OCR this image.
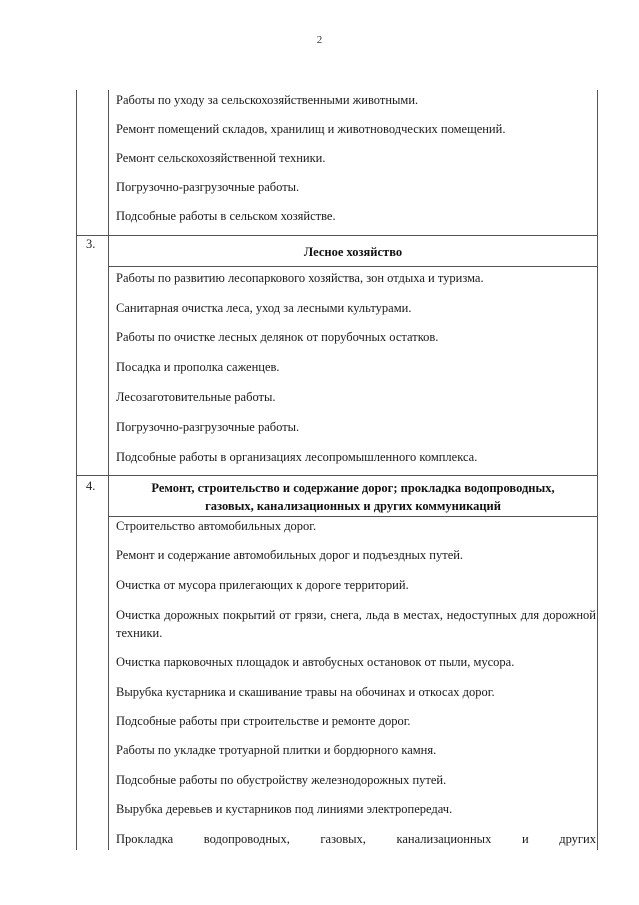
2
Работы по уходу за сельскохозяйственными животными.
Ремонт помещений складов, хранилищ и животноводческих помещений.
Ремонт сельскохозяйственной техники.
Погрузочно-разгрузочные работы.
Подсобные работы в сельском хозяйстве.
3.
Лесное хозяйство
Работы по развитию лесопаркового хозяйства, зон отдыха и туризма.
Санитарная очистка леса, уход за лесными культурами.
Работы по очистке лесных делянок от порубочных остатков.
Посадка и прополка саженцев.
Лесозаготовительные работы.
Погрузочно-разгрузочные работы.
Подсобные работы в организациях лесопромышленного комплекса.
4.	Ремонт, строительство и содержание дорог; прокладка водопроводных,
газовых, канализационных и других коммуникаций
Строительство автомобильных дорог.
Ремонт и содержание автомобильных дорог и подъездных путей.
Очистка от мусора прилегающих к дороге территорий.
Очистка дорожных покрытий от грязи, снега, льда в местах, недоступных для дорожной техники.
Очистка парковочных площадок и автобусных остановок от пыли, мусора.
Вырубка кустарника и скашивание травы на обочинах и откосах дорог.
Подсобные работы при строительстве и ремонте дорог.
Работы по укладке тротуарной плитки и бордюрного камня.
Подсобные работы по обустройству железнодорожных путей.
Вырубка деревьев и кустарников под линиями электропередач.
Прокладка водопроводных, газовых, канализационных и других
